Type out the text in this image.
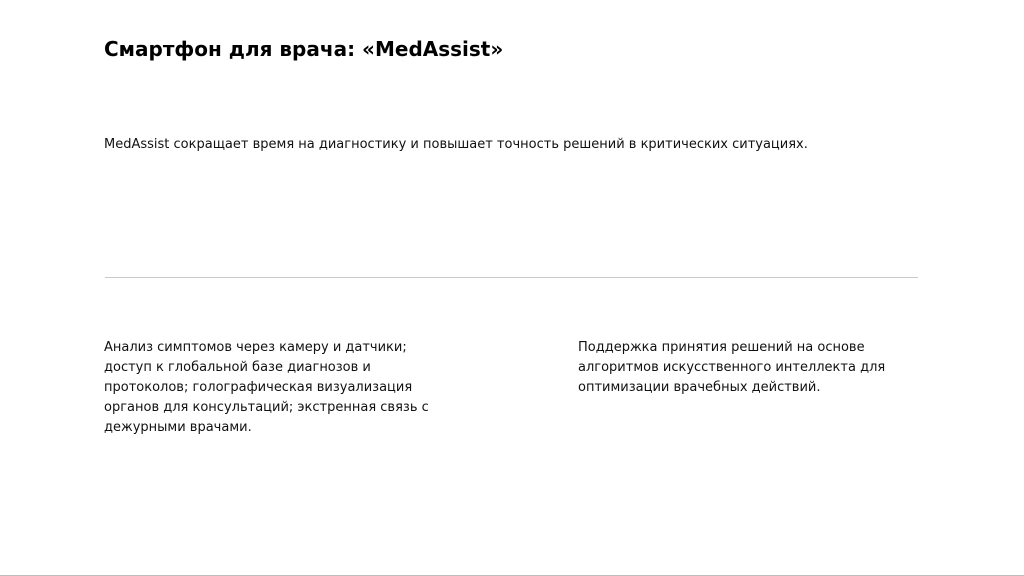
Смартфон для врача: «MedAssist»

MedAssist сокращает время на диагностику и повышает точность решений в критических ситуациях.

Анализ симптомов через камеру и датчики; доступ к глобальной базе диагнозов и протоколов; голографическая визуализация органов для консультаций; экстренная связь с дежурными врачами.

Поддержка принятия решений на основе алгоритмов искусственного интеллекта для оптимизации врачебных действий.
